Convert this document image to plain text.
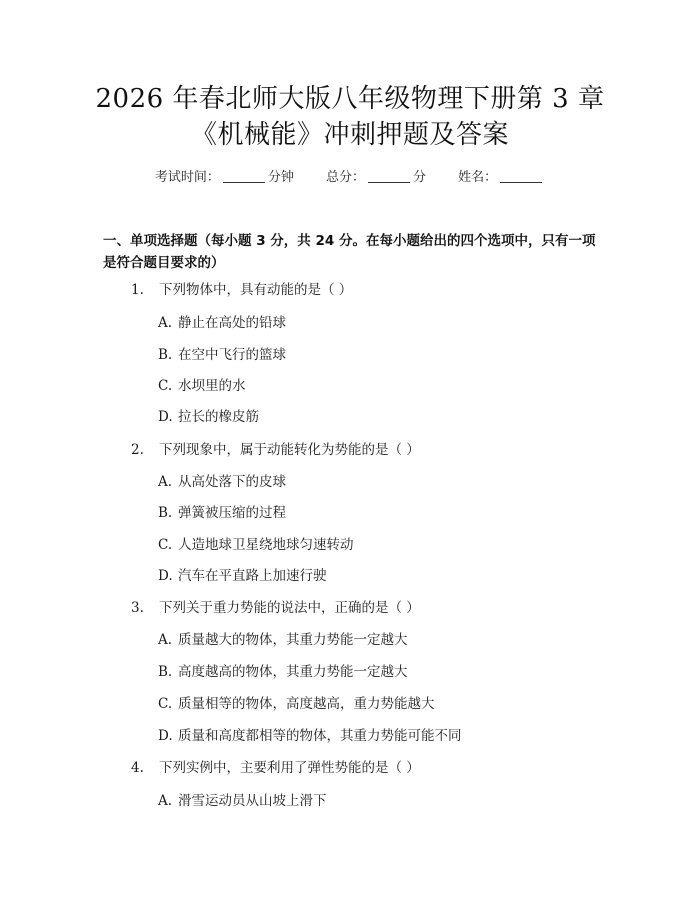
2026 年春北师大版八年级物理下册第 3 章
《机械能》冲刺押题及答案
考试时间：	分钟 总分：	分 姓名：
一、单项选择题（每小题 3 分，共 24 分。在每小题给出的四个选项中，只有一项
是符合题目要求的）
1. 下列物体中，具有动能的是（ ）
A. 静止在高处的铅球
B. 在空中飞行的篮球
C. 水坝里的水
D. 拉长的橡皮筋
2. 下列现象中，属于动能转化为势能的是（ ）
A. 从高处落下的皮球
B. 弹簧被压缩的过程
C. 人造地球卫星绕地球匀速转动
D. 汽车在平直路上加速行驶
3. 下列关于重力势能的说法中，正确的是（ ）
A. 质量越大的物体，其重力势能一定越大
B. 高度越高的物体，其重力势能一定越大
C. 质量相等的物体，高度越高，重力势能越大
D. 质量和高度都相等的物体，其重力势能可能不同
4. 下列实例中，主要利用了弹性势能的是（ ）
A. 滑雪运动员从山坡上滑下
